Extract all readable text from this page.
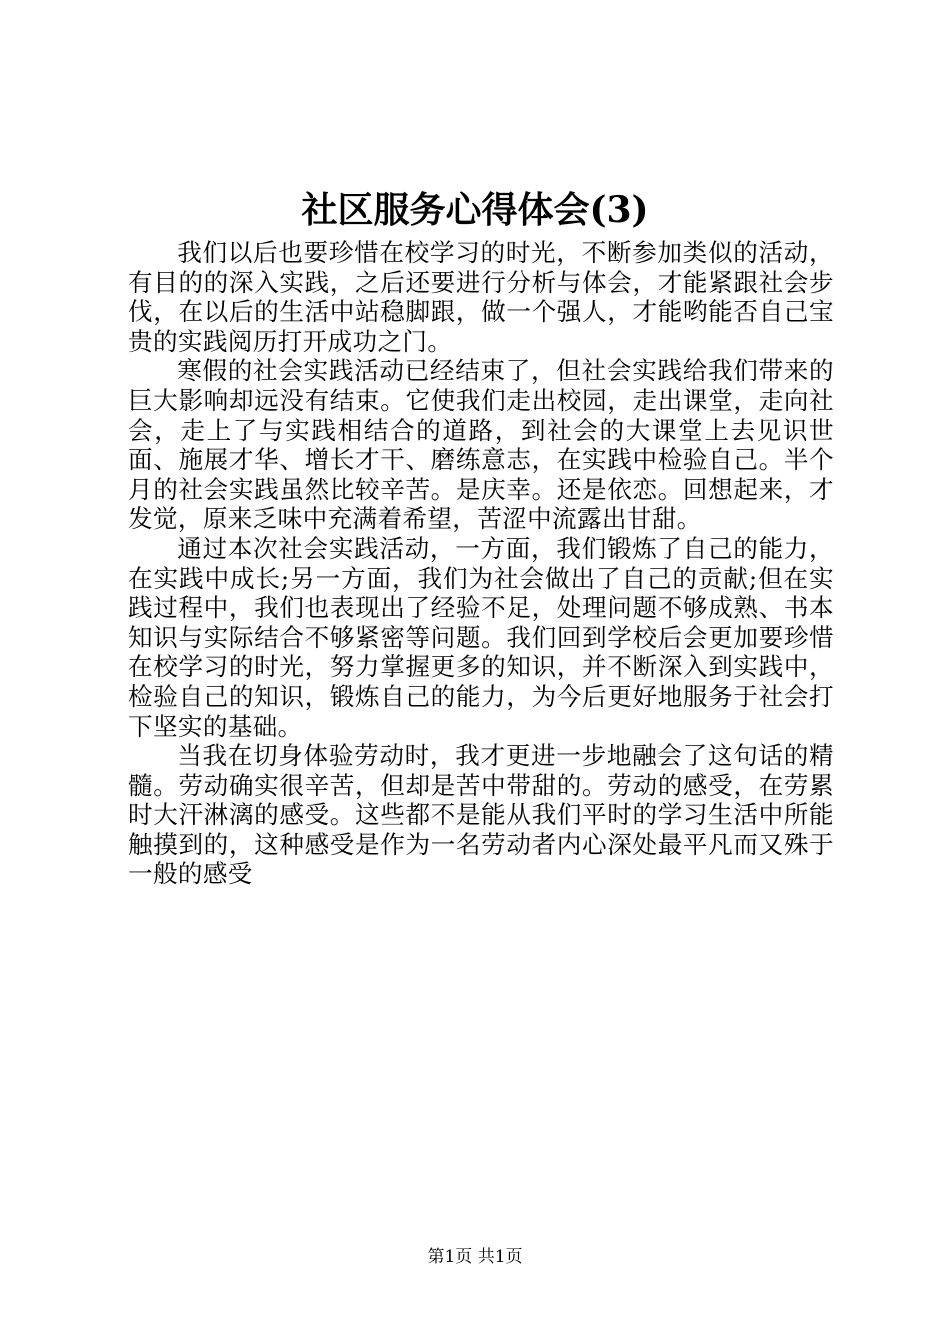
社区服务心得体会(3)

我们以后也要珍惜在校学习的时光，不断参加类似的活动，有目的的深入实践，之后还要进行分析与体会，才能紧跟社会步伐，在以后的生活中站稳脚跟，做一个强人，才能哟能否自己宝贵的实践阅历打开成功之门。

寒假的社会实践活动已经结束了，但社会实践给我们带来的巨大影响却远没有结束。它使我们走出校园，走出课堂，走向社会，走上了与实践相结合的道路，到社会的大课堂上去见识世面、施展才华、增长才干、磨练意志，在实践中检验自己。半个月的社会实践虽然比较辛苦。是庆幸。还是依恋。回想起来，才发觉，原来乏味中充满着希望，苦涩中流露出甘甜。

通过本次社会实践活动，一方面，我们锻炼了自己的能力，在实践中成长;另一方面，我们为社会做出了自己的贡献;但在实践过程中，我们也表现出了经验不足，处理问题不够成熟、书本知识与实际结合不够紧密等问题。我们回到学校后会更加要珍惜在校学习的时光，努力掌握更多的知识，并不断深入到实践中，检验自己的知识，锻炼自己的能力，为今后更好地服务于社会打下坚实的基础。

当我在切身体验劳动时，我才更进一步地融会了这句话的精髓。劳动确实很辛苦，但却是苦中带甜的。劳动的感受，在劳累时大汗淋漓的感受。这些都不是能从我们平时的学习生活中所能触摸到的，这种感受是作为一名劳动者内心深处最平凡而又殊于一般的感受

第1页 共1页
